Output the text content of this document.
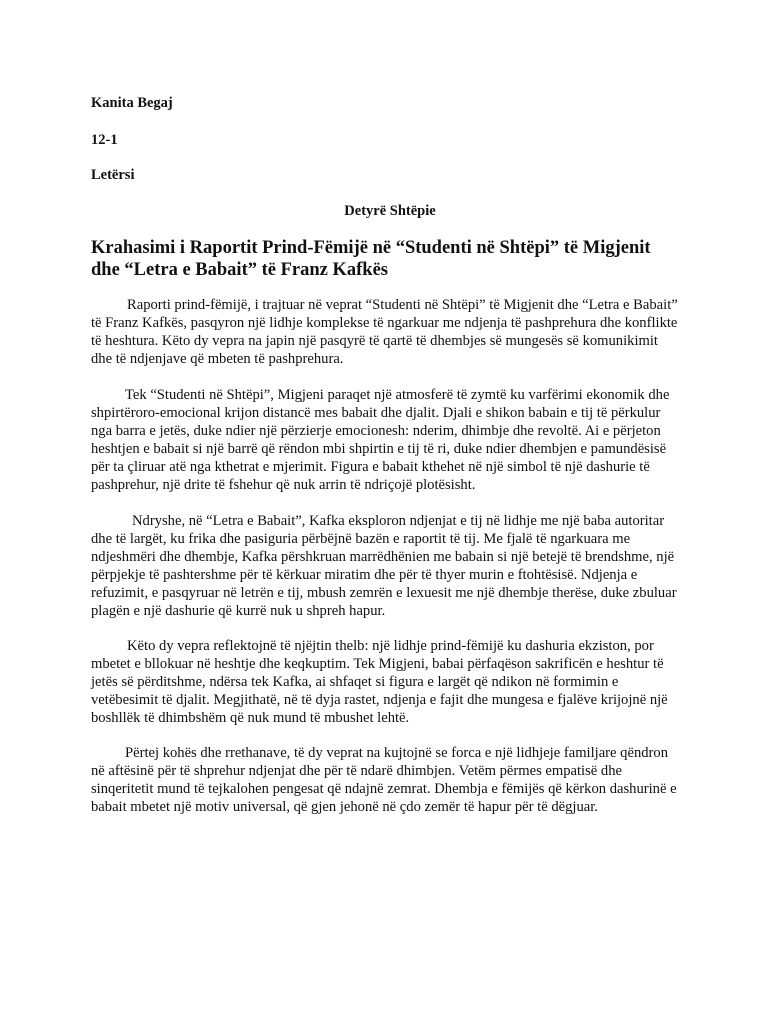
Kanita Begaj

12-1

Letërsi

Detyrë Shtëpie

Krahasimi i Raportit Prind-Fëmijë në “Studenti në Shtëpi” të Migjenit dhe “Letra e Babait” të Franz Kafkës

Raporti prind-fëmijë, i trajtuar në veprat “Studenti në Shtëpi” të Migjenit dhe “Letra e Babait” të Franz Kafkës, pasqyron një lidhje komplekse të ngarkuar me ndjenja të pashprehura dhe konflikte të heshtura. Këto dy vepra na japin një pasqyrë të qartë të dhembjes së mungesës së komunikimit dhe të ndjenjave që mbeten të pashprehura.

Tek “Studenti në Shtëpi”, Migjeni paraqet një atmosferë të zymtë ku varfërimi ekonomik dhe shpirtëroro-emocional krijon distancë mes babait dhe djalit. Djali e shikon babain e tij të përkulur nga barra e jetës, duke ndier një përzierje emocionesh: nderim, dhimbje dhe revoltë. Ai e përjeton heshtjen e babait si një barrë që rëndon mbi shpirtin e tij të ri, duke ndier dhembjen e pamundësisë për ta çliruar atë nga kthetrat e mjerimit. Figura e babait kthehet në një simbol të një dashurie të pashprehur, një drite të fshehur që nuk arrin të ndriçojë plotësisht.

Ndryshe, në “Letra e Babait”, Kafka eksploron ndjenjat e tij në lidhje me një baba autoritar dhe të largët, ku frika dhe pasiguria përbëjnë bazën e raportit të tij. Me fjalë të ngarkuara me ndjeshmëri dhe dhembje, Kafka përshkruan marrëdhënien me babain si një betejë të brendshme, një përpjekje të pashtershme për të kërkuar miratim dhe për të thyer murin e ftohtësisë. Ndjenja e refuzimit, e pasqyruar në letrën e tij, mbush zemrën e lexuesit me një dhembje therëse, duke zbuluar plagën e një dashurie që kurrë nuk u shpreh hapur.

Këto dy vepra reflektojnë të njëjtin thelb: një lidhje prind-fëmijë ku dashuria ekziston, por mbetet e bllokuar në heshtje dhe keqkuptim. Tek Migjeni, babai përfaqëson sakrificën e heshtur të jetës së përditshme, ndërsa tek Kafka, ai shfaqet si figura e largët që ndikon në formimin e vetëbesimit të djalit. Megjithatë, në të dyja rastet, ndjenja e fajit dhe mungesa e fjalëve krijojnë një boshllëk të dhimbshëm që nuk mund të mbushet lehtë.

Përtej kohës dhe rrethanave, të dy veprat na kujtojnë se forca e një lidhjeje familjare qëndron në aftësinë për të shprehur ndjenjat dhe për të ndarë dhimbjen. Vetëm përmes empatisë dhe sinqeritetit mund të tejkalohen pengesat që ndajnë zemrat. Dhembja e fëmijës që kërkon dashurinë e babait mbetet një motiv universal, që gjen jehonë në çdo zemër të hapur për të dëgjuar.
